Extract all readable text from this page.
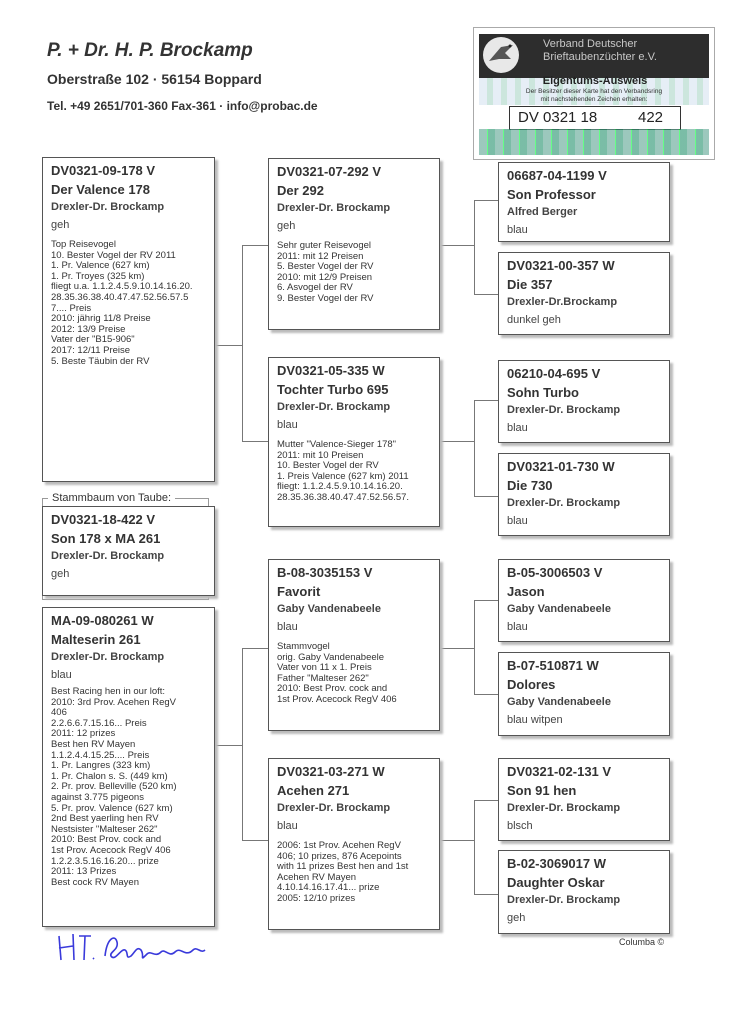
P. + Dr. H. P. Brockamp
Oberstraße 102 · 56154 Boppard
Tel. +49 2651/701-360 Fax-361 · info@probac.de
Verband Deutscher
Brieftaubenzüchter e.V.
Eigentums-Ausweis
Der Besitzer dieser Karte hat den Verbandsring
mit nachstehenden Zeichen erhalten:
DV 0321 18	422
DV0321-09-178 V
Der Valence 178
Drexler-Dr. Brockamp
geh
Top Reisevogel
10. Bester Vogel der RV 2011
1. Pr. Valence (627 km)
1. Pr. Troyes (325 km)
fliegt u.a. 1.1.2.4.5.9.10.14.16.20.
28.35.36.38.40.47.47.52.56.57.5
7.... Preis
2010: jährig 11/8 Preise
2012: 13/9 Preise
Vater der "B15-906"
2017: 12/11 Preise
5. Beste Täubin der RV
Stammbaum von Taube:
DV0321-18-422 V
Son 178 x MA 261
Drexler-Dr. Brockamp
geh
MA-09-080261 W
Malteserin 261
Drexler-Dr. Brockamp
blau
Best Racing hen in our loft:
2010: 3rd Prov. Acehen RegV
406
2.2.6.6.7.15.16... Preis
2011: 12 prizes
Best hen RV Mayen
1.1.2.4.4.15.25.... Preis
1. Pr. Langres (323 km)
1. Pr. Chalon s. S. (449 km)
2. Pr. prov. Belleville (520 km)
against 3.775 pigeons
5. Pr. prov. Valence (627 km)
2nd Best yaerling hen RV
Nestsister "Malteser 262"
2010: Best Prov. cock and
1st Prov. Acecock RegV 406
1.2.2.3.5.16.16.20... prize
2011: 13 Prizes
Best cock RV Mayen
DV0321-07-292 V
Der 292
Drexler-Dr. Brockamp
geh
Sehr guter Reisevogel
2011: mit 12 Preisen
5. Bester Vogel der RV
2010: mit 12/9 Preisen
6. Asvogel der RV
9. Bester Vogel der RV
DV0321-05-335 W
Tochter Turbo 695
Drexler-Dr. Brockamp
blau
Mutter "Valence-Sieger 178"
2011: mit 10 Preisen
10. Bester Vogel der RV
1. Preis Valence (627 km) 2011
fliegt: 1.1.2.4.5.9.10.14.16.20.
28.35.36.38.40.47.47.52.56.57.
B-08-3035153 V
Favorit
Gaby Vandenabeele
blau
Stammvogel
orig. Gaby Vandenabeele
Vater von 11 x 1. Preis
Father "Malteser 262"
2010: Best Prov. cock and
1st Prov. Acecock RegV 406
DV0321-03-271 W
Acehen 271
Drexler-Dr. Brockamp
blau
2006: 1st Prov. Acehen RegV
406; 10 prizes, 876 Acepoints
with 11 prizes Best hen and 1st
Acehen RV Mayen
4.10.14.16.17.41... prize
2005: 12/10 prizes
06687-04-1199 V
Son Professor
Alfred Berger
blau
DV0321-00-357 W
Die 357
Drexler-Dr.Brockamp
dunkel geh
06210-04-695 V
Sohn Turbo
Drexler-Dr. Brockamp
blau
DV0321-01-730 W
Die 730
Drexler-Dr. Brockamp
blau
B-05-3006503 V
Jason
Gaby Vandenabeele
blau
B-07-510871 W
Dolores
Gaby Vandenabeele
blau witpen
DV0321-02-131 V
Son 91 hen
Drexler-Dr. Brockamp
blsch
B-02-3069017 W
Daughter Oskar
Drexler-Dr. Brockamp
geh
Columba ©
